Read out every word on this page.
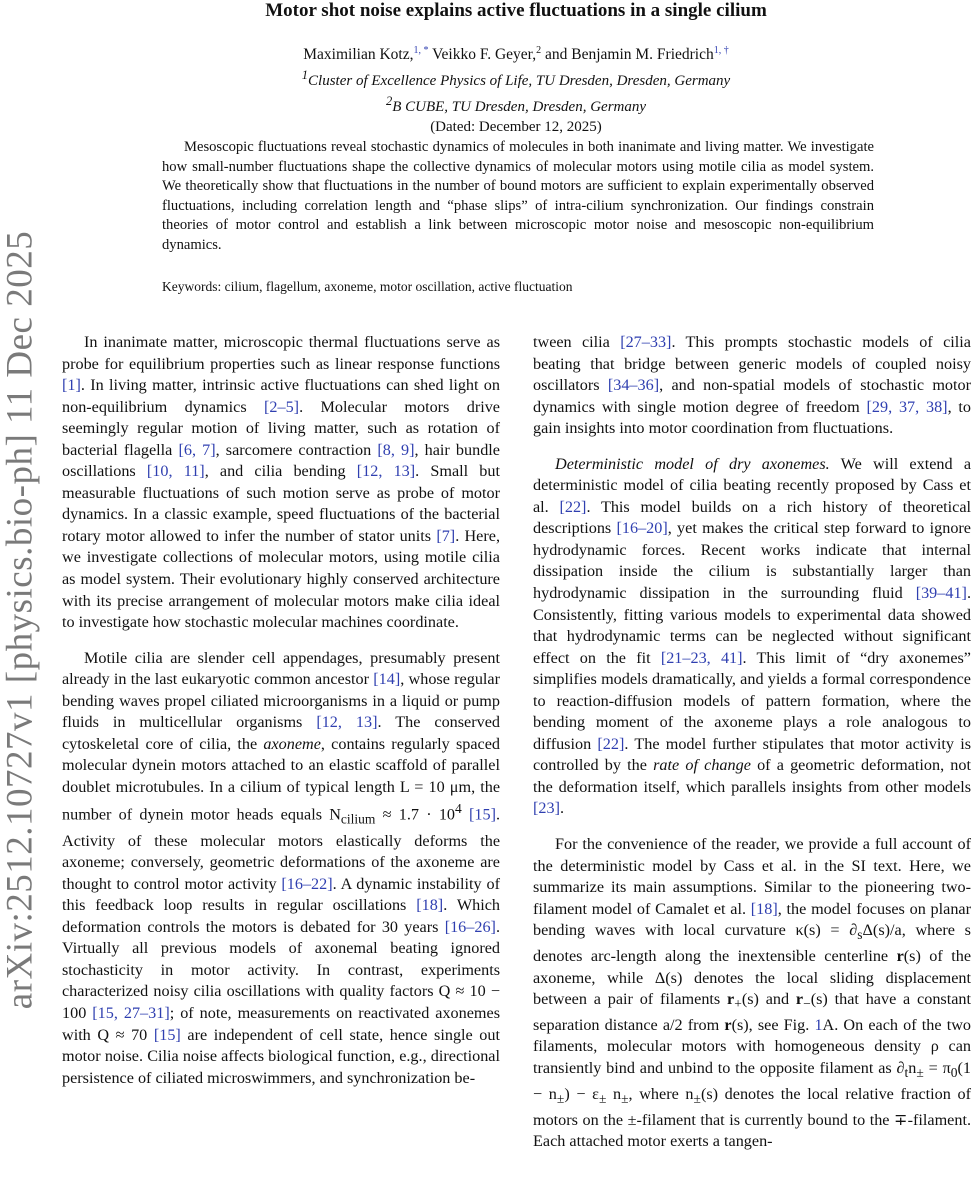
arXiv:2512.10727v1 [physics.bio-ph] 11 Dec 2025
Motor shot noise explains active fluctuations in a single cilium
Maximilian Kotz,$^{1, *}$ Veikko F. Geyer,$^2$ and Benjamin M. Friedrich$^{1, \dagger}$
$^1$Cluster of Excellence Physics of Life, TU Dresden, Dresden, Germany
$^2$B CUBE, TU Dresden, Dresden, Germany
(Dated: December 12, 2025)
Mesoscopic fluctuations reveal stochastic dynamics of molecules in both inanimate and living matter. We investigate how small-number fluctuations shape the collective dynamics of molecular motors using motile cilia as model system. We theoretically show that fluctuations in the number of bound motors are sufficient to explain experimentally observed fluctuations, including correlation length and “phase slips” of intra-cilium synchronization. Our findings constrain theories of motor control and establish a link between microscopic motor noise and mesoscopic non-equilibrium dynamics.
Keywords: cilium, flagellum, axoneme, motor oscillation, active fluctuation

In inanimate matter, microscopic thermal fluctuations serve as probe for equilibrium properties such as linear response functions [1]. In living matter, intrinsic active fluctuations can shed light on non-equilibrium dynamics [2–5]. Molecular motors drive seemingly regular motion of living matter, such as rotation of bacterial flagella [6, 7], sarcomere contraction [8, 9], hair bundle oscillations [10, 11], and cilia bending [12, 13]. Small but measurable fluctuations of such motion serve as probe of motor dynamics. In a classic example, speed fluctuations of the bacterial rotary motor allowed to infer the number of stator units [7]. Here, we investigate collections of molecular motors, using motile cilia as model system. Their evolutionary highly conserved architecture with its precise arrangement of molecular motors make cilia ideal to investigate how stochastic molecular machines coordinate.

Motile cilia are slender cell appendages, presumably present already in the last eukaryotic common ancestor [14], whose regular bending waves propel ciliated microorganisms in a liquid or pump fluids in multicellular organisms [12, 13]. The conserved cytoskeletal core of cilia, the axoneme, contains regularly spaced molecular dynein motors attached to an elastic scaffold of parallel doublet microtubules. In a cilium of typical length L = 10 μm, the number of dynein motor heads equals $N_{cilium} \approx 1.7 \cdot 10^4$ [15]. Activity of these molecular motors elastically deforms the axoneme; conversely, geometric deformations of the axoneme are thought to control motor activity [16–22]. A dynamic instability of this feedback loop results in regular oscillations [18]. Which deformation controls the motors is debated for 30 years [16–26]. Virtually all previous models of axonemal beating ignored stochasticity in motor activity. In contrast, experiments characterized noisy cilia oscillations with quality factors Q ≈ 10 − 100 [15, 27–31]; of note, measurements on reactivated axonemes with Q ≈ 70 [15] are independent of cell state, hence single out motor noise. Cilia noise affects biological function, e.g., directional persistence of ciliated microswimmers, and synchronization be-

tween cilia [27–33]. This prompts stochastic models of cilia beating that bridge between generic models of coupled noisy oscillators [34–36], and non-spatial models of stochastic motor dynamics with single motion degree of freedom [29, 37, 38], to gain insights into motor coordination from fluctuations.

Deterministic model of dry axonemes. We will extend a deterministic model of cilia beating recently proposed by Cass et al. [22]. This model builds on a rich history of theoretical descriptions [16–20], yet makes the critical step forward to ignore hydrodynamic forces. Recent works indicate that internal dissipation inside the cilium is substantially larger than hydrodynamic dissipation in the surrounding fluid [39–41]. Consistently, fitting various models to experimental data showed that hydrodynamic terms can be neglected without significant effect on the fit [21–23, 41]. This limit of “dry axonemes” simplifies models dramatically, and yields a formal correspondence to reaction-diffusion models of pattern formation, where the bending moment of the axoneme plays a role analogous to diffusion [22]. The model further stipulates that motor activity is controlled by the rate of change of a geometric deformation, not the deformation itself, which parallels insights from other models [23].

For the convenience of the reader, we provide a full account of the deterministic model by Cass et al. in the SI text. Here, we summarize its main assumptions. Similar to the pioneering two-filament model of Camalet et al. [18], the model focuses on planar bending waves with local curvature $\kappa(s) = \partial_s\Delta(s)/a$, where s denotes arc-length along the inextensible centerline r(s) of the axoneme, while Δ(s) denotes the local sliding displacement between a pair of filaments $r_+(s)$ and $r_-(s)$ that have a constant separation distance a/2 from r(s), see Fig. 1A. On each of the two filaments, molecular motors with homogeneous density ρ can transiently bind and unbind to the opposite filament as $\partial_tn_\pm = \pi_0(1 - n_\pm) - \varepsilon_\pm$ $n_\pm$, where $n_\pm(s)$ denotes the local relative fraction of motors on the ±-filament that is currently bound to the ∓-filament. Each attached motor exerts a tangen-
